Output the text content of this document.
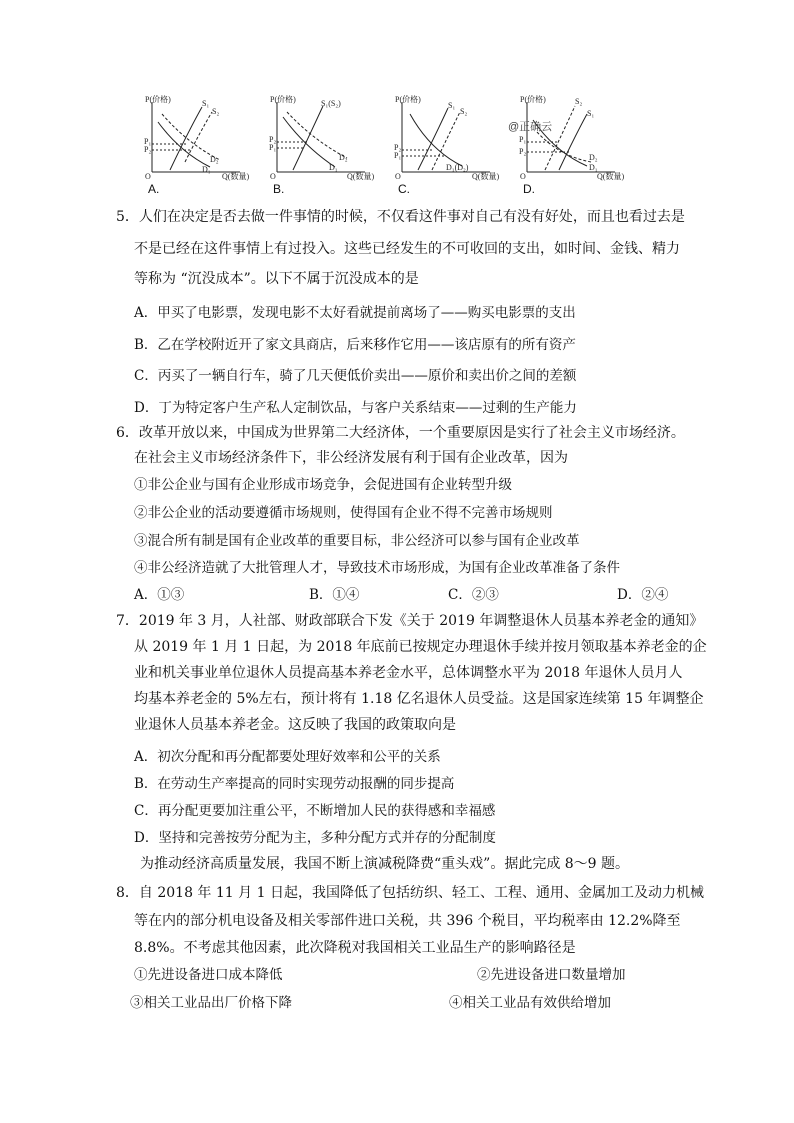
P(价格)
O	Q(数量)
S₁
S₂
D₂
D₁
P₁
P₂
A.
P(价格)
O	Q(数量)
S₁(S₂)
D₂
D₁
P₂
P₁
B.
P(价格)
O	Q(数量)
S₁
S₂
D₁(D₂)
P₂
P₁
C.
P(价格)
O	Q(数量)
S₂
S₁
D₂
D₁
P₁
P₂
D.
@正确云
5．人们在决定是否去做一件事情的时候，不仅看这件事对自己有没有好处，而且也看过去是
不是已经在这件事情上有过投入。这些已经发生的不可收回的支出，如时间、金钱、精力
等称为 “沉没成本”。以下不属于沉没成本的是
A．甲买了电影票，发现电影不太好看就提前离场了——购买电影票的支出
B．乙在学校附近开了家文具商店，后来移作它用——该店原有的所有资产
C．丙买了一辆自行车，骑了几天便低价卖出——原价和卖出价之间的差额
D．丁为特定客户生产私人定制饮品，与客户关系结束——过剩的生产能力
6．改革开放以来，中国成为世界第二大经济体，一个重要原因是实行了社会主义市场经济。
在社会主义市场经济条件下，非公经济发展有利于国有企业改革，因为
①非公企业与国有企业形成市场竞争，会促进国有企业转型升级
②非公企业的活动要遵循市场规则，使得国有企业不得不完善市场规则
③混合所有制是国有企业改革的重要目标，非公经济可以参与国有企业改革
④非公经济造就了大批管理人才，导致技术市场形成，为国有企业改革准备了条件
A．①③	B．①④	C．②③	D．②④
7．2019 年 3 月，人社部、财政部联合下发《关于 2019 年调整退休人员基本养老金的通知》
从 2019 年 1 月 1 日起，为 2018 年底前已按规定办理退休手续并按月领取基本养老金的企
业和机关事业单位退休人员提高基本养老金水平，总体调整水平为 2018 年退休人员月人
均基本养老金的 5%左右，预计将有 1.18 亿名退休人员受益。这是国家连续第 15 年调整企
业退休人员基本养老金。这反映了我国的政策取向是
A．初次分配和再分配都要处理好效率和公平的关系
B．在劳动生产率提高的同时实现劳动报酬的同步提高
C．再分配更要加注重公平，不断增加人民的获得感和幸福感
D．坚持和完善按劳分配为主，多种分配方式并存的分配制度
为推动经济高质量发展，我国不断上演减税降费“重头戏”。据此完成 8～9 题。
8．自 2018 年 11 月 1 日起，我国降低了包括纺织、轻工、工程、通用、金属加工及动力机械
等在内的部分机电设备及相关零部件进口关税，共 396 个税目，平均税率由 12.2%降至
8.8%。不考虑其他因素，此次降税对我国相关工业品生产的影响路径是
①先进设备进口成本降低	②先进设备进口数量增加
③相关工业品出厂价格下降	④相关工业品有效供给增加
